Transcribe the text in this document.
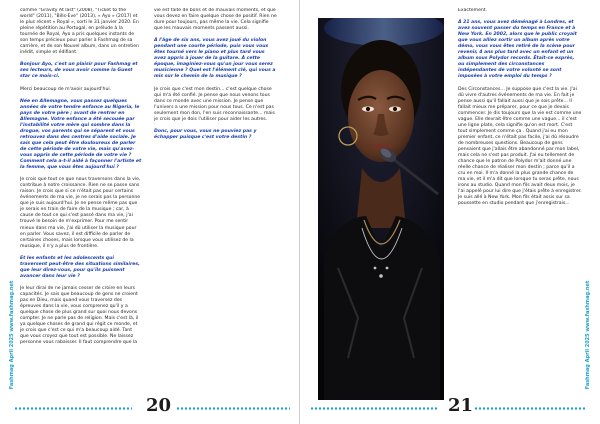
Fashmag April 2025 www.fashmag.net

comme "Gravity At last" (2008), "Ticket to the world" (2011), "Bills-Eve" (2013), « Ayo » (2017) et le plus récent « Royal », sorti le 31 janvier 2020. En pleine répétition au Portugal, en prélude à la tournée de Royal, Ayo a pris quelques instants de son temps précieux pour parler à Fashmag de sa carrière, et de son Nouvel album, dans un entretien inédit, simple et édifiant.

Bonjour Ayo, c'est un plaisir pour Fashmag et ses lecteurs, de vous avoir comme la Guest star ce mois-ci.

Merci beaucoup de m'avoir aujourd'hui.

Née en Allemagne, vous passez quelques années de votre tendre enfance au Nigeria, le pays de votre père ; avant de rentrer en Allemagne. Votre enfance a été secouée par l'instabilité votre mère qui sombre dans la drogue, vos parents qui se séparent et vous retrouvez dans des centres d'aide sociale. Je sais que cela peut être douloureux de parler de cette période de votre vie, mais qu'avez-vous appris de cette période de votre vie ? Comment cela a-t-il aidé à façonner l'artiste et la femme, que vous êtes aujourd'hui ?

Je crois que tout ce que nous traversons dans la vie, contribue à notre croissance. Rien ne se passe sans raison. Je crois que si ce n'était pas pour certains événements de ma vie, je ne serais pas la personne que je suis aujourd'hui. Je ne pense même pas que je serais en train de faire de la musique ; car, à cause de tout ce qui s'est passé dans ma vie, j'ai trouvé le besoin de m'exprimer. Pour me sentir mieux dans ma vie, j'ai dû utiliser la musique pour en parler. Vous savez, il est difficile de parler de certaines choses, mais lorsque vous utilisez de la musique, il n'y a plus de frontière.

Et les enfants et les adolescents qui traversent peut-être des situations similaires, que leur direz-vous, pour qu'ils puissent avancer dans leur vie ?

Je leur dirai de ne jamais cesser de croire en leurs capacités. Je sais que beaucoup de gens ne croient pas en Dieu, mais quand vous traversez des épreuves dans la vie, vous comprenez qu'il y a quelque chose de plus grand sur quoi nous devons compter. Je ne parle pas de religion. Mais c'est là, il ya quelque choses de grand qui régit ce monde, et je crois que c'est ce qui m'a beaucoup aidé. Tant que vous croyez que tout est possible. Ne laissez personne vous rabaisser. Il faut comprendre que la

vie est faite de bons et de mauvais moments, et que vous devez en faire quelque chose de positif. Rien ne dure pour toujours, pas même la vie. Cela signifie que les mauvais moments passent aussi.

À l'âge de six ans, vous avez joué du violon pendant une courte période, puis vous vous êtes tourné vers le piano et plus tard vous avez appris à jouer de la guitare. À cette époque, imaginiez-vous qu'un jour vous serez musicienne ? Quel est l'élément clé, qui vous a mis sur le chemin de la musique ?

Je crois que c'est mon destin... c'est quelque chose qui m'a été confié. Je pense que nous venons tous dans ce monde avec une mission. Je pense que l'univers a une mission pour nous tous. Ce n'est pas seulement mon don, l'en suis reconnaissante... mais je crois que je dois l'utiliser pour aider les autres.

Donc, pour vous, vous ne pouviez pas y échapper puisque c'est votre destin ?

20

Exactement.

À 21 ans, vous avez déménagé à Londres, et avez souvent passer du temps en France et à New York. En 2002, alors que le public croyait que vous alliez sortir un album après votre démo, vous vous êtes retiré de la scène pour revenir, 4 ans plus tard avec un enfant et un album sous Polydor records. Était-ce exprès, ou simplement des circonstances indépendantes de votre volonté se sont imposées à votre emploi du temps ?

Des Circonstances... Je suppose que c'est la vie. J'ai dû vivre d'autres événements de ma vie. En fait je pense aussi qu'il fallait aussi que je sois prête... Il fallait mieux me préparer, pour ce que je devais commencer. Je dis toujours que la vie est comme une vague. Elle devrait être comme une vague... il c'est une ligne plate, cela signifie qu'on est mort. C'est tout simplement comme ça . Quand j'ai eu mon premier enfant, ce n'était pas facile, j'ai dû résoudre de nombreuses questions. Beaucoup de gens pensaient que j'allais être abandonné par mon label, mais cela ne s'est pas produit. J'ai eu tellement de chance que le patron de Polydor m'ait donné une réelle chance de réaliser mon destin ; parce qu'il a cru en moi. Il m'a donné la plus grande chance de ma vie, et il m'a dit que lorsque tu seras prête, nous irons au studio. Quand mon fils avait deux mois, je l'ai appelé pour lui dire que j'étais prête à enregistrer. Je suis allé à New York. Mon fils était assis sur sa poussette en studio pendant que j'enregistrais...

Fashmag April 2025 www.fashmag.net
21
